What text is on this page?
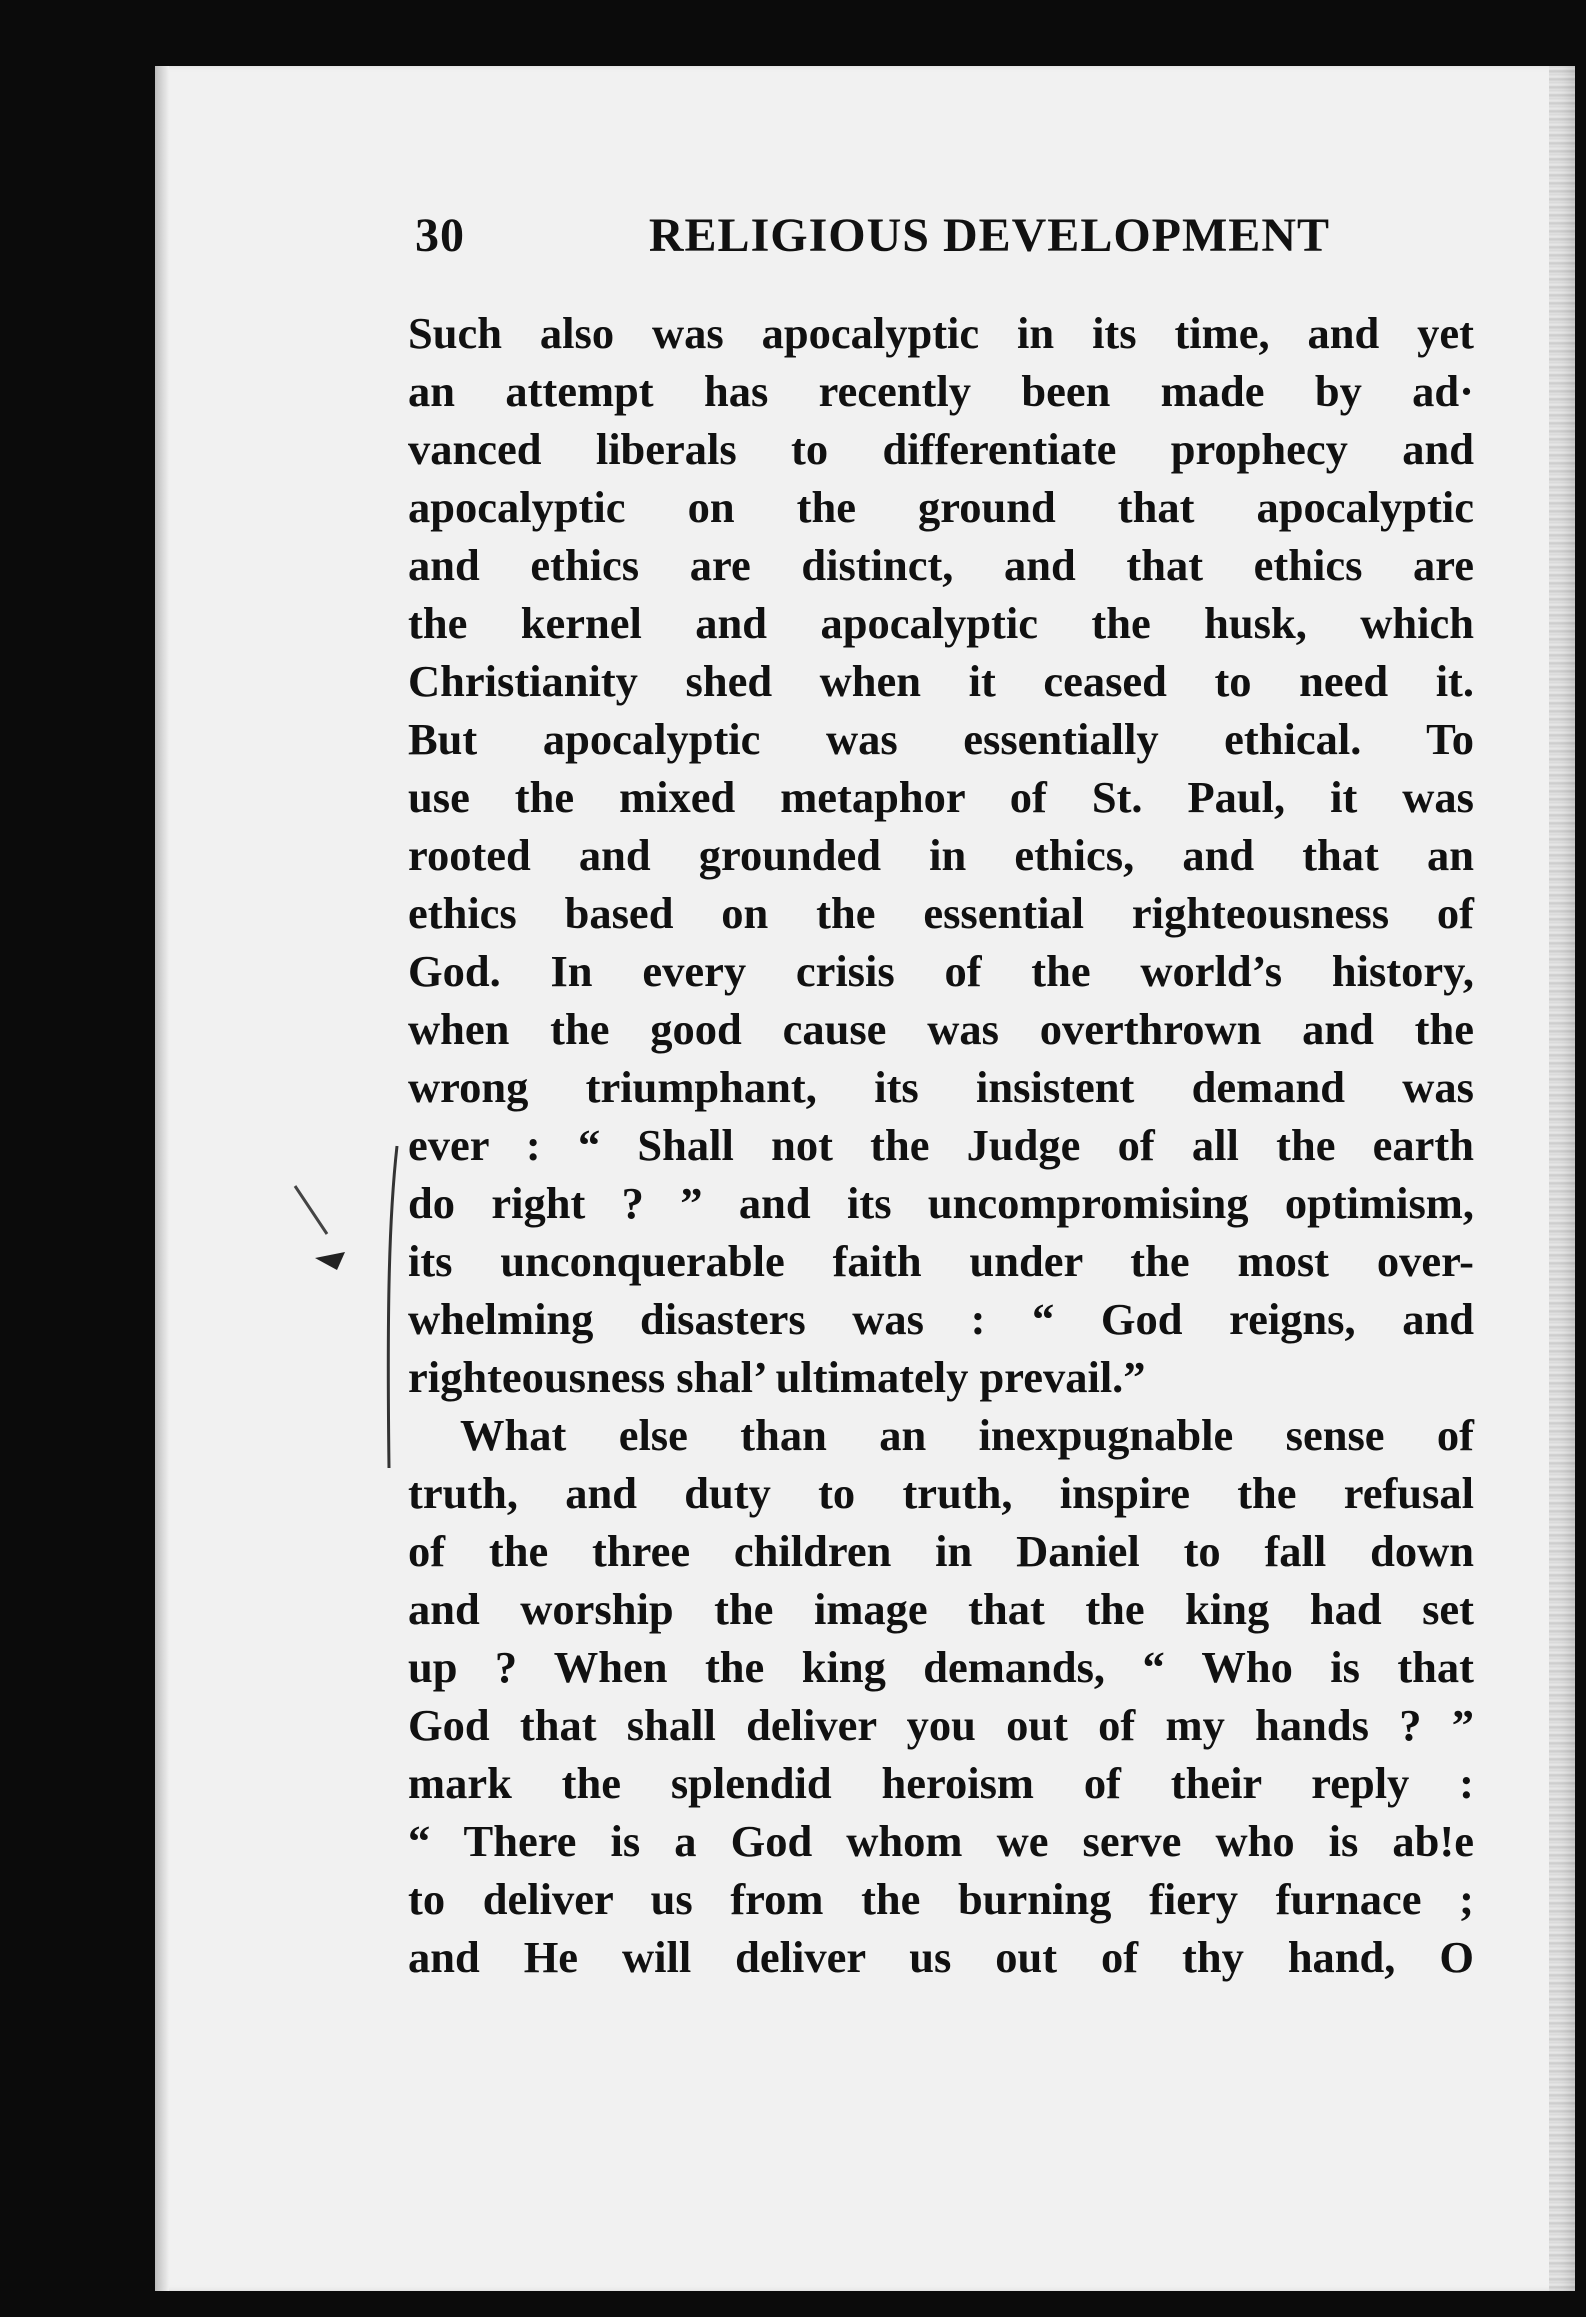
30	RELIGIOUS DEVELOPMENT
Such also was apocalyptic in its time, and yet
an attempt has recently been made by ad·
vanced liberals to differentiate prophecy and
apocalyptic on the ground that apocalyptic
and ethics are distinct, and that ethics are
the kernel and apocalyptic the husk, which
Christianity shed when it ceased to need it.
But apocalyptic was essentially ethical. To
use the mixed metaphor of St. Paul, it was
rooted and grounded in ethics, and that an
ethics based on the essential righteousness of
God. In every crisis of the world’s history,
when the good cause was overthrown and the
wrong triumphant, its insistent demand was
ever : “ Shall not the Judge of all the earth
do right ? ” and its uncompromising optimism,
its unconquerable faith under the most over-
whelming disasters was : “ God reigns, and
righteousness shal’ ultimately prevail.”
What else than an inexpugnable sense of
truth, and duty to truth, inspire the refusal
of the three children in Daniel to fall down
and worship the image that the king had set
up ? When the king demands, “ Who is that
God that shall deliver you out of my hands ? ”
mark the splendid heroism of their reply :
“ There is a God whom we serve who is ab!e
to deliver us from the burning fiery furnace ;
and He will deliver us out of thy hand, O
